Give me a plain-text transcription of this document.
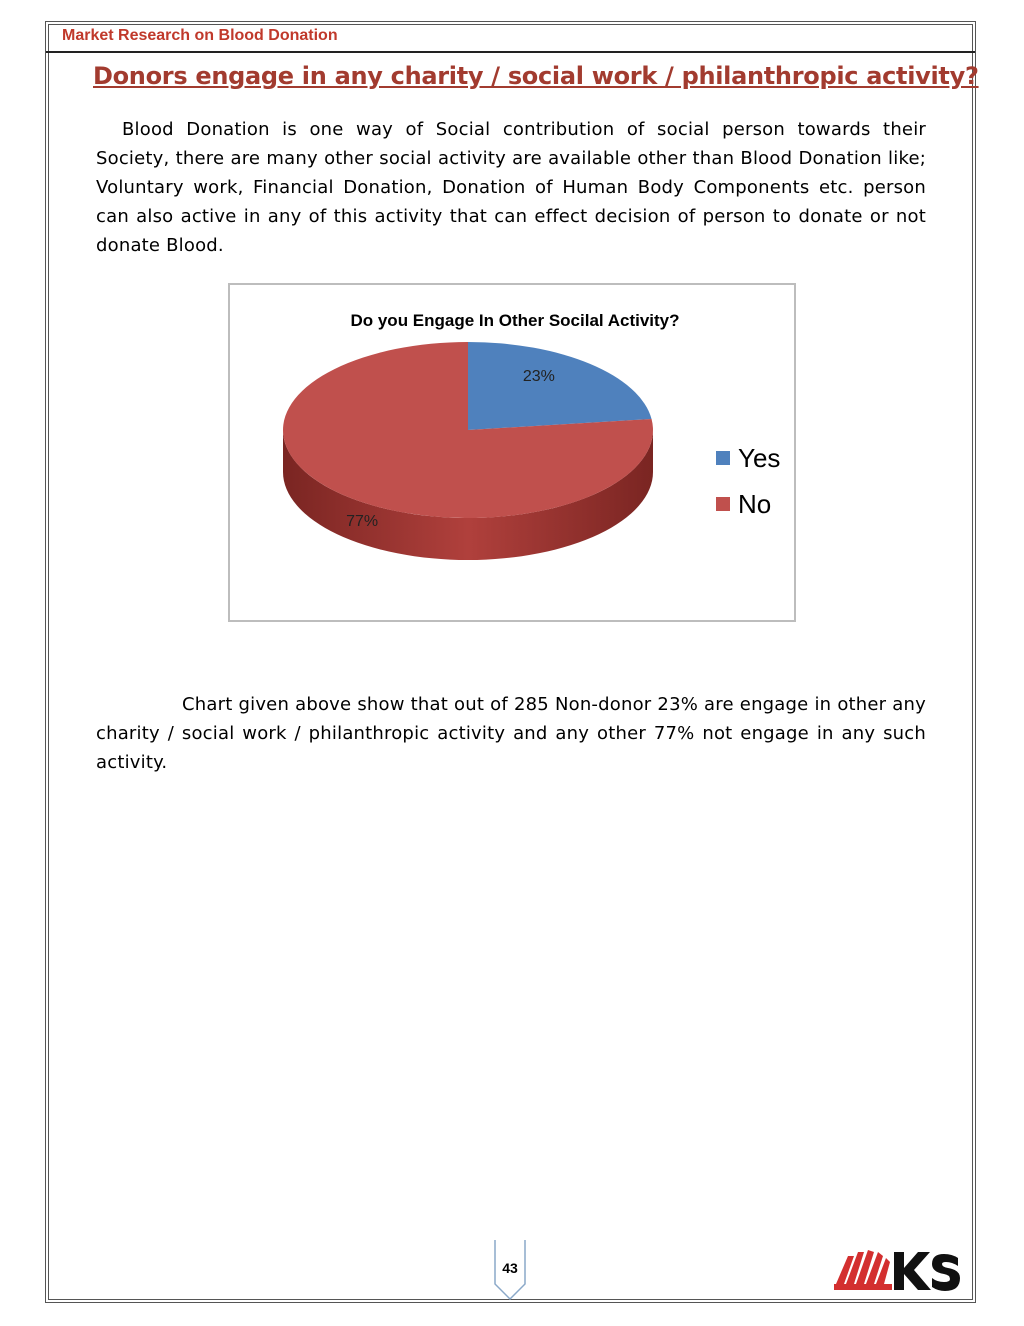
Market Research on Blood Donation
Donors engage in any charity / social work / philanthropic activity?
Blood Donation is one way of Social contribution of social person towards their Society, there are many other social activity are available other than Blood Donation like; Voluntary work, Financial Donation, Donation of Human Body Components etc. person can also active in any of this activity that can effect decision of person to donate or not donate Blood.
Do you Engage In Other Socilal Activity?
23%
77%
Yes
No
Chart given above show that out of 285 Non-donor 23% are engage in other any charity / social work / philanthropic activity and any other 77% not engage in any such activity.
43
KS
